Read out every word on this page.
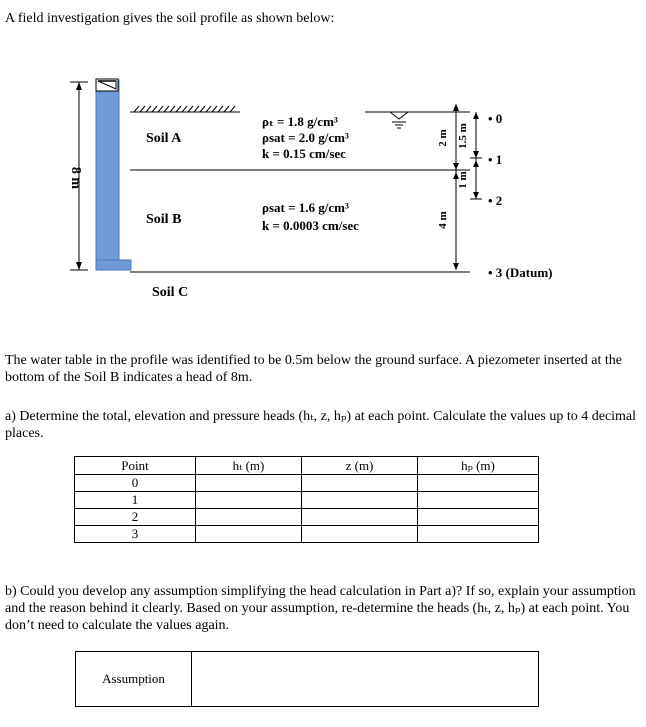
A field investigation gives the soil profile as shown below:

8 m
Soil A
Soil B
Soil C
ρₜ = 1.8 g/cm³
ρsat = 2.0 g/cm³
k = 0.15 cm/sec
ρsat = 1.6 g/cm³
k = 0.0003 cm/sec
2 m
4 m
1.5 m
1 m
• 0
• 1
• 2
• 3 (Datum)

The water table in the profile was identified to be 0.5m below the ground surface. A piezometer inserted at the bottom of the Soil B indicates a head of 8m.

a) Determine the total, elevation and pressure heads (hₜ, z, hₚ) at each point. Calculate the values up to 4 decimal places.

Point	hₜ (m)	z (m)	hₚ (m)
0			
1			
2			
3			

b) Could you develop any assumption simplifying the head calculation in Part a)? If so, explain your assumption and the reason behind it clearly. Based on your assumption, re-determine the heads (hₜ, z, hₚ) at each point. You don’t need to calculate the values again.

Assumption
